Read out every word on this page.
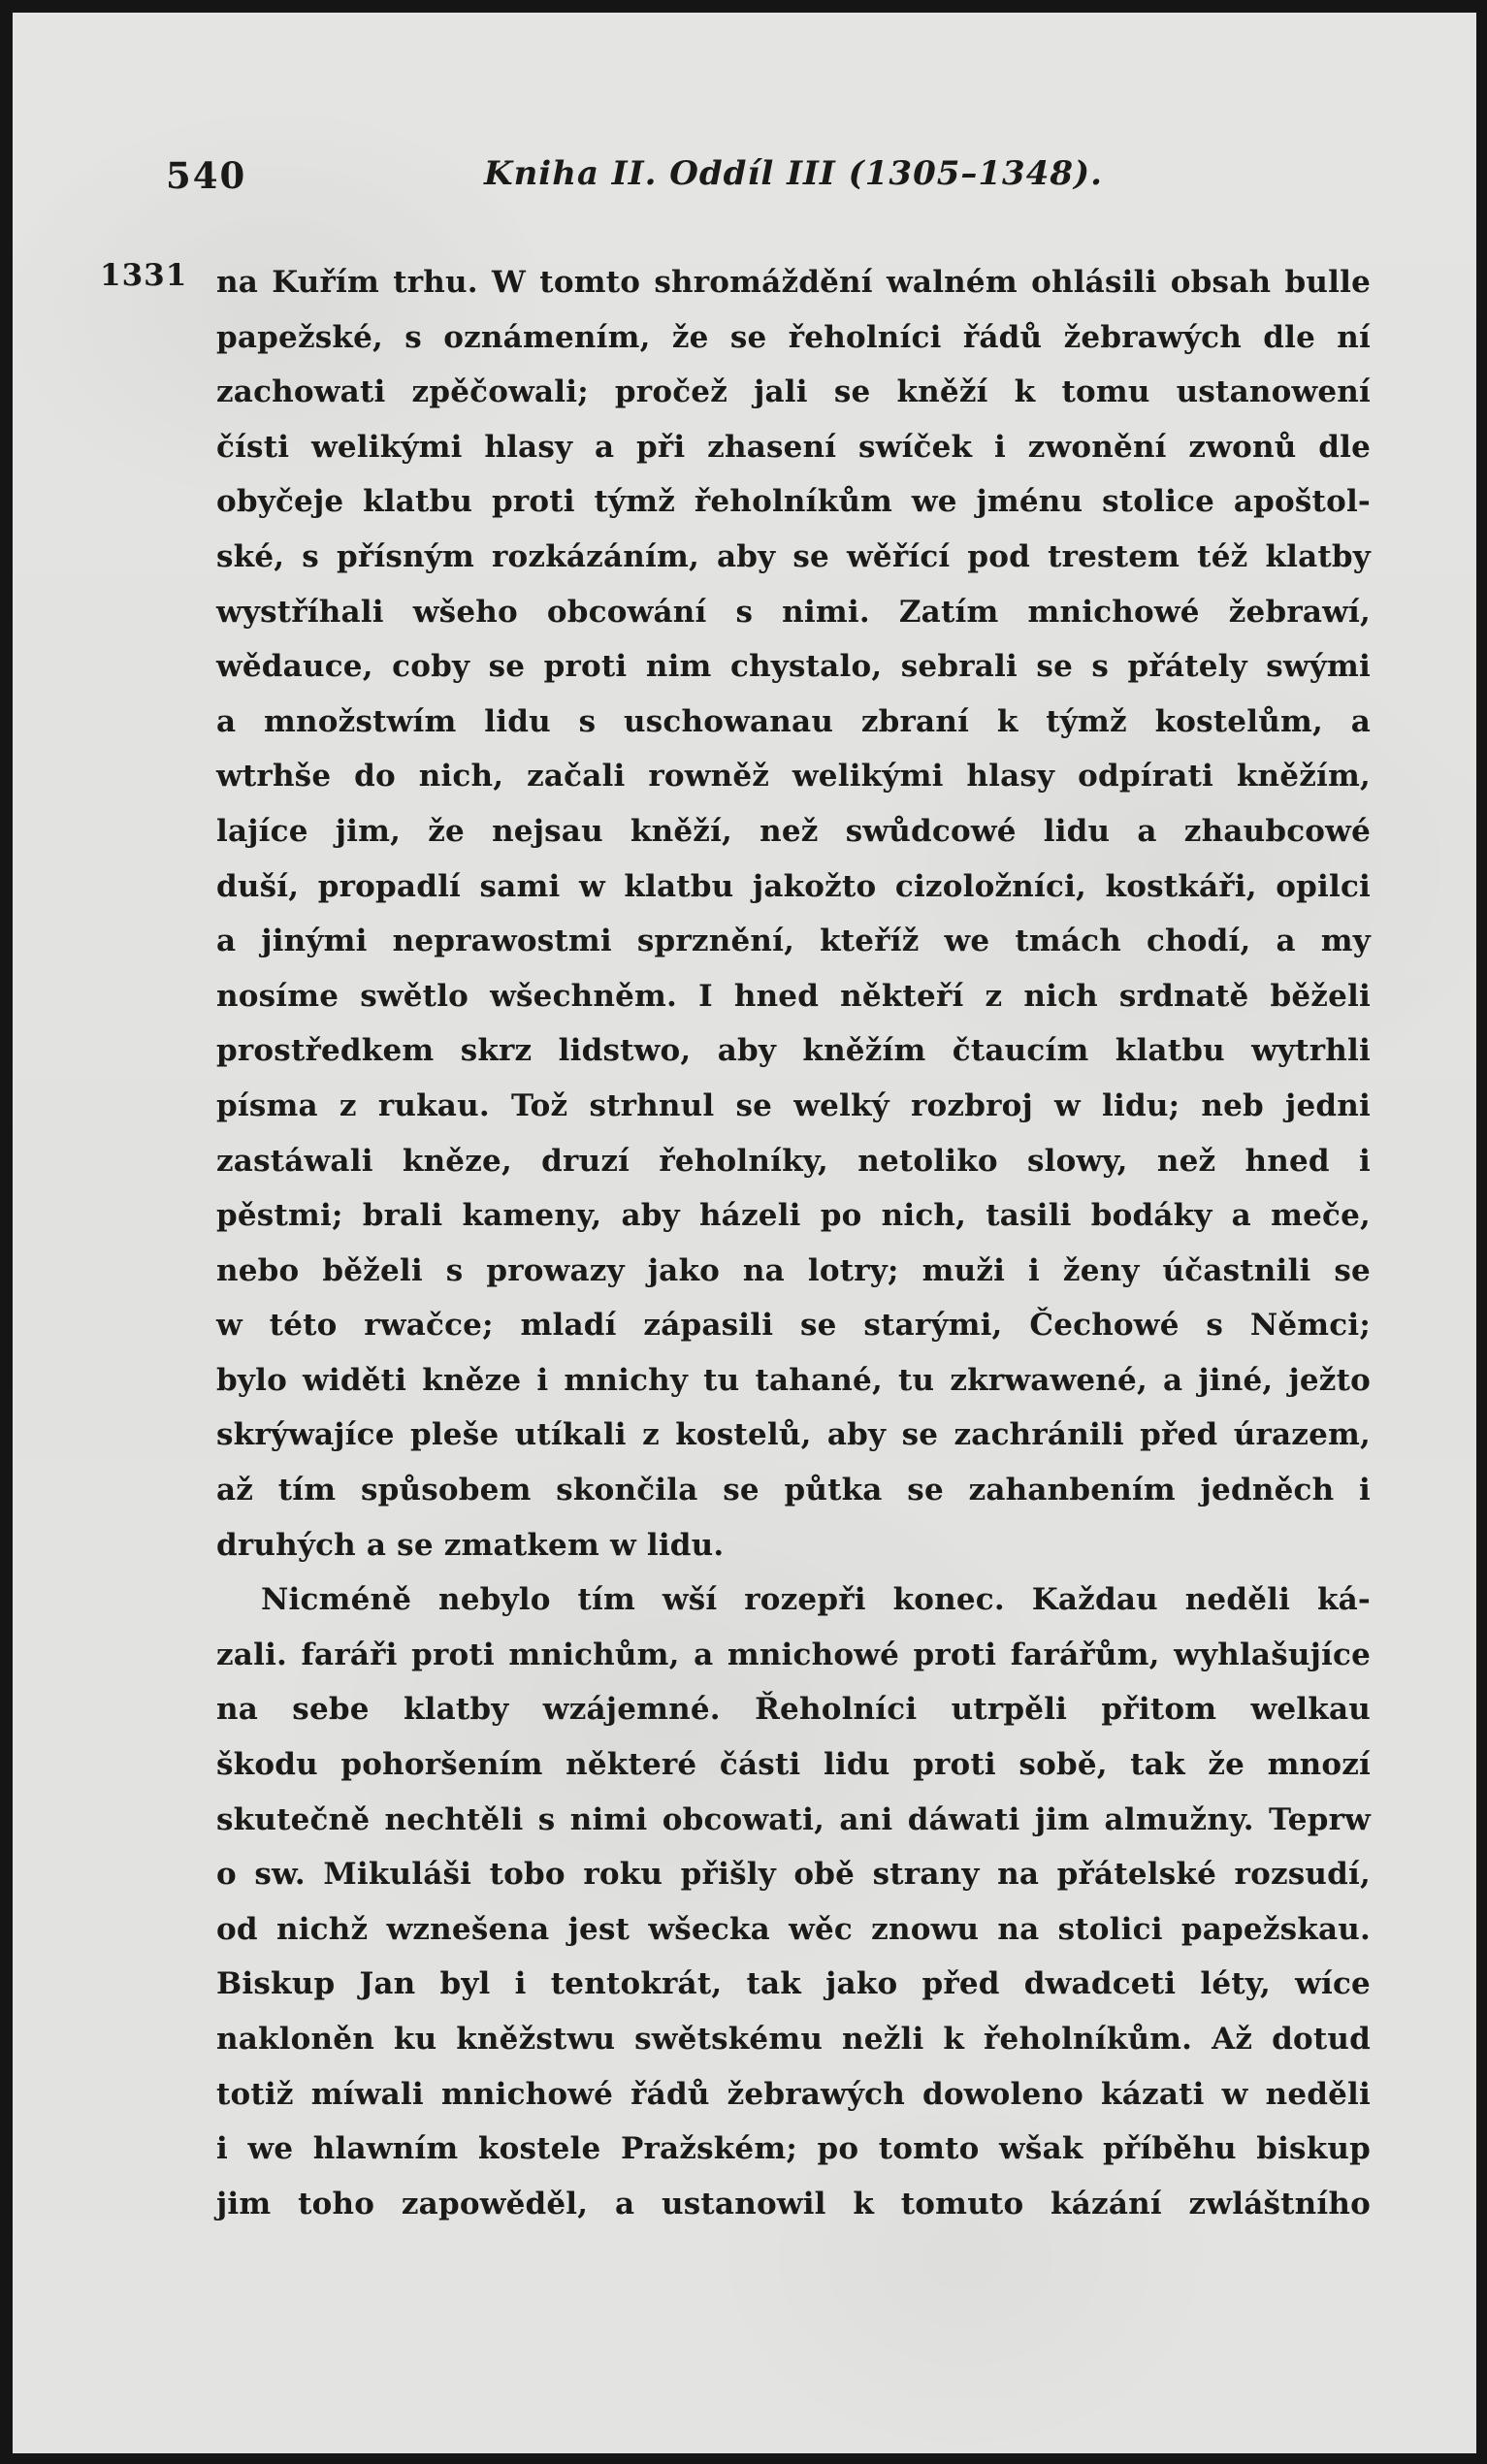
540	Kniha II. Oddíl III (1305–1348).
1331 na Kuřím trhu. W tomto shromáždění walném ohlásili obsah bulle
papežské, s oznámením, že se řeholníci řádů žebrawých dle ní
zachowati zpěčowali; pročež jali se kněží k tomu ustanowení
čísti welikými hlasy a při zhasení swíček i zwonění zwonů dle
obyčeje klatbu proti týmž řeholníkům we jménu stolice apoštol-
ské, s přísným rozkázáním, aby se wěřící pod trestem též klatby
wystříhali wšeho obcowání s nimi. Zatím mnichowé žebrawí,
wědauce, coby se proti nim chystalo, sebrali se s přátely swými
a množstwím lidu s uschowanau zbraní k týmž kostelům, a
wtrhše do nich, začali rowněž welikými hlasy odpírati kněžím,
lajíce jim, že nejsau kněží, než swůdcowé lidu a zhaubcowé
duší, propadlí sami w klatbu jakožto cizoložníci, kostkáři, opilci
a jinými neprawostmi sprznění, kteříž we tmách chodí, a my
nosíme swětlo wšechněm. I hned někteří z nich srdnatě běželi
prostředkem skrz lidstwo, aby kněžím čtaucím klatbu wytrhli
písma z rukau. Tož strhnul se welký rozbroj w lidu; neb jedni
zastáwali kněze, druzí řeholníky, netoliko slowy, než hned i
pěstmi; brali kameny, aby házeli po nich, tasili bodáky a meče,
nebo běželi s prowazy jako na lotry; muži i ženy účastnili se
w této rwačce; mladí zápasili se starými, Čechowé s Němci;
bylo widěti kněze i mnichy tu tahané, tu zkrwawené, a jiné, ježto
skrýwajíce pleše utíkali z kostelů, aby se zachránili před úrazem,
až tím spůsobem skončila se půtka se zahanbením jedněch i
druhých a se zmatkem w lidu.
Nicméně nebylo tím wší rozepři konec. Každau neděli ká-
zali. faráři proti mnichům, a mnichowé proti farářům, wyhlašujíce
na sebe klatby wzájemné. Řeholníci utrpěli přitom welkau
škodu pohoršením některé části lidu proti sobě, tak že mnozí
skutečně nechtěli s nimi obcowati, ani dáwati jim almužny. Teprw
o sw. Mikuláši tobo roku přišly obě strany na přátelské rozsudí,
od nichž wznešena jest wšecka wěc znowu na stolici papežskau.
Biskup Jan byl i tentokrát, tak jako před dwadceti léty, wíce
nakloněn ku kněžstwu swětskému nežli k řeholníkům. Až dotud
totiž míwali mnichowé řádů žebrawých dowoleno kázati w neděli
i we hlawním kostele Pražském; po tomto wšak příběhu biskup
jim toho zapowěděl, a ustanowil k tomuto kázání zwláštního
